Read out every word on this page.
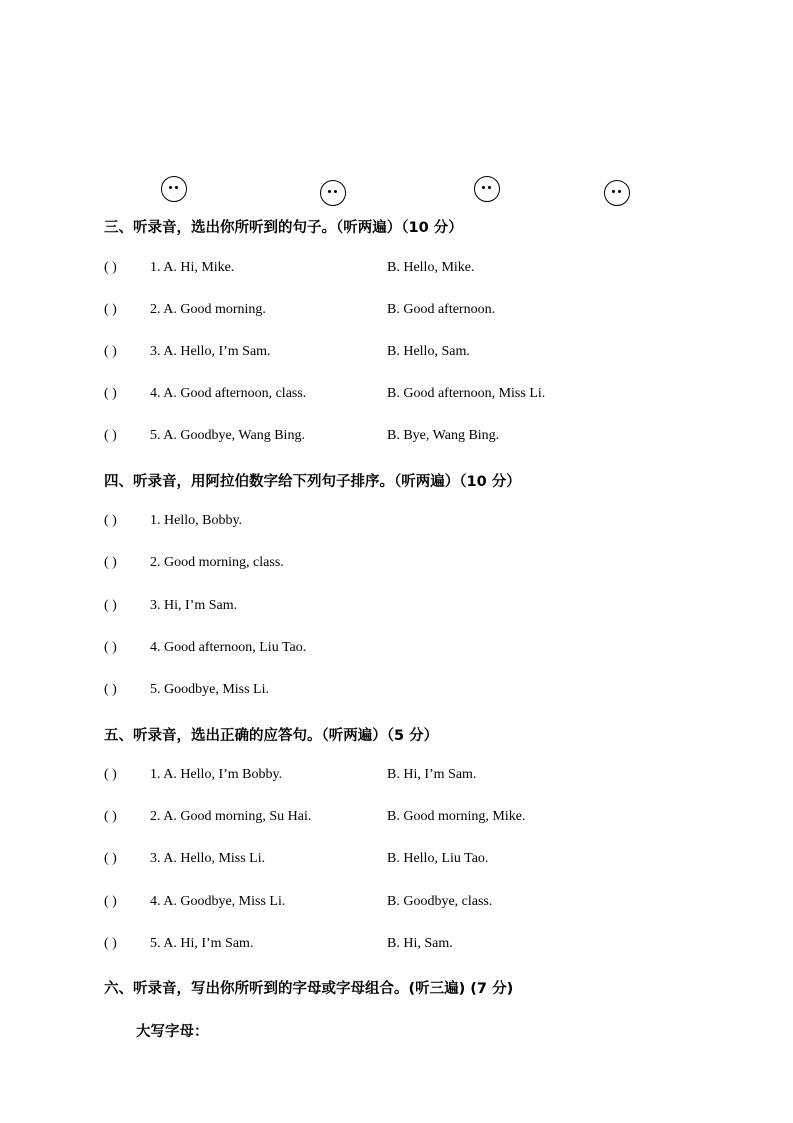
三、听录音，选出你所听到的句子。（听两遍）（10 分）
( ) 1. A. Hi, Mike.	B. Hello, Mike.
( ) 2. A. Good morning.	B. Good afternoon.
( ) 3. A. Hello, I’m Sam.	B. Hello, Sam.
( ) 4. A. Good afternoon, class.	B. Good afternoon, Miss Li.
( ) 5. A. Goodbye, Wang Bing.	B. Bye, Wang Bing.
四、听录音，用阿拉伯数字给下列句子排序。（听两遍）（10 分）
( ) 1. Hello, Bobby.
( ) 2. Good morning, class.
( ) 3. Hi, I’m Sam.
( ) 4. Good afternoon, Liu Tao.
( ) 5. Goodbye, Miss Li.
五、听录音，选出正确的应答句。（听两遍）（5 分）
( ) 1. A. Hello, I’m Bobby.	B. Hi, I’m Sam.
( ) 2. A. Good morning, Su Hai.	B. Good morning, Mike.
( ) 3. A. Hello, Miss Li.	B. Hello, Liu Tao.
( ) 4. A. Goodbye, Miss Li.	B. Goodbye, class.
( ) 5. A. Hi, I’m Sam.	B. Hi, Sam.
六、听录音，写出你所听到的字母或字母组合。(听三遍) (7 分)
大写字母：
